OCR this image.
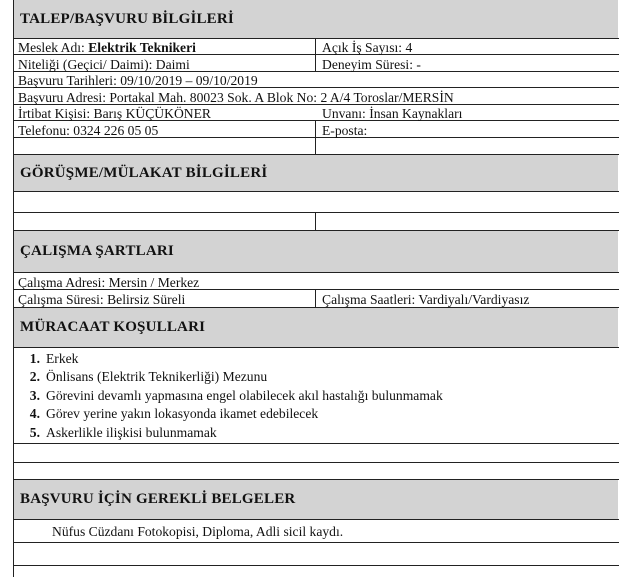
TALEP/BAŞVURU BİLGİLERİ
Meslek Adı: Elektrik Teknikeri	Açık İş Sayısı: 4
Niteliği (Geçici/ Daimi): Daimi	Deneyim Süresi: -
Başvuru Tarihleri: 09/10/2019 – 09/10/2019
Başvuru Adresi: Portakal Mah. 80023 Sok. A Blok No: 2 A/4 Toroslar/MERSİN
İrtibat Kişisi: Barış KÜÇÜKÖNER	Unvanı: İnsan Kaynakları
Telefonu: 0324 226 05 05	E-posta:
GÖRÜŞME/MÜLAKAT BİLGİLERİ
ÇALIŞMA ŞARTLARI
Çalışma Adresi: Mersin / Merkez
Çalışma Süresi: Belirsiz Süreli	Çalışma Saatleri: Vardiyalı/Vardiyasız
MÜRACAAT KOŞULLARI
1. Erkek
2. Önlisans (Elektrik Teknikerliği) Mezunu
3. Görevini devamlı yapmasına engel olabilecek akıl hastalığı bulunmamak
4. Görev yerine yakın lokasyonda ikamet edebilecek
5. Askerlikle ilişkisi bulunmamak
BAŞVURU İÇİN GEREKLİ BELGELER
Nüfus Cüzdanı Fotokopisi, Diploma, Adli sicil kaydı.
